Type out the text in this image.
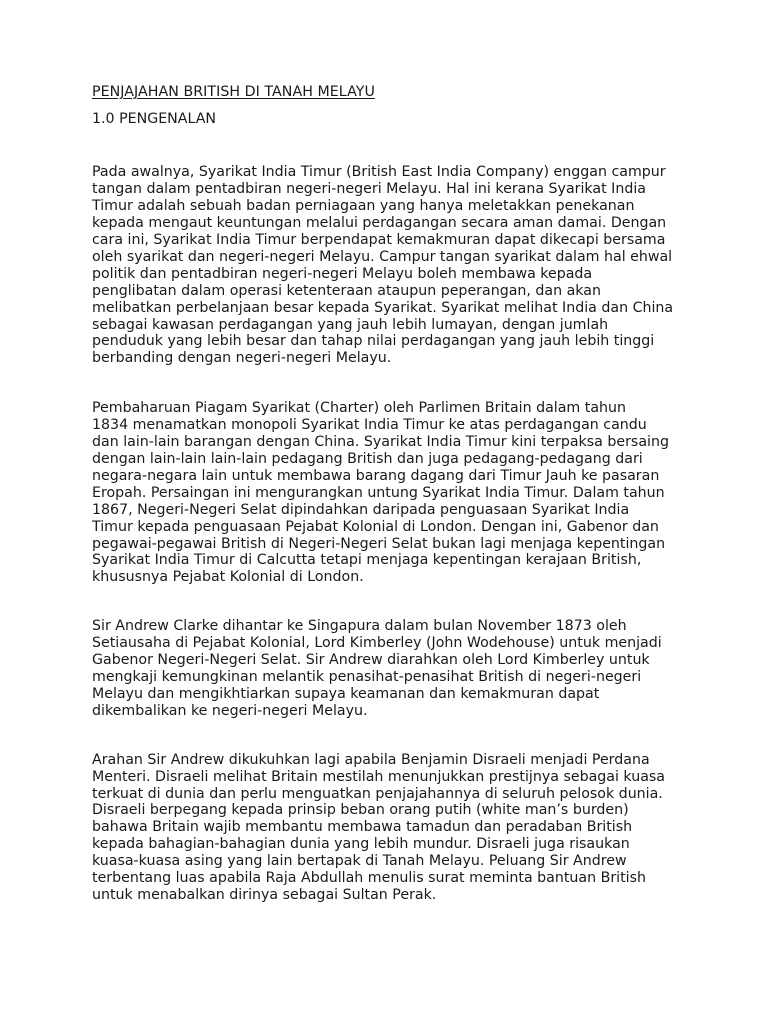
PENJAJAHAN BRITISH DI TANAH MELAYU
1.0 PENGENALAN

Pada awalnya, Syarikat India Timur (British East India Company) enggan campur
tangan dalam pentadbiran negeri-negeri Melayu. Hal ini kerana Syarikat India
Timur adalah sebuah badan perniagaan yang hanya meletakkan penekanan
kepada mengaut keuntungan melalui perdagangan secara aman damai. Dengan
cara ini, Syarikat India Timur berpendapat kemakmuran dapat dikecapi bersama
oleh syarikat dan negeri-negeri Melayu. Campur tangan syarikat dalam hal ehwal
politik dan pentadbiran negeri-negeri Melayu boleh membawa kepada
penglibatan dalam operasi ketenteraan ataupun peperangan, dan akan
melibatkan perbelanjaan besar kepada Syarikat. Syarikat melihat India dan China
sebagai kawasan perdagangan yang jauh lebih lumayan, dengan jumlah
penduduk yang lebih besar dan tahap nilai perdagangan yang jauh lebih tinggi
berbanding dengan negeri-negeri Melayu.

Pembaharuan Piagam Syarikat (Charter) oleh Parlimen Britain dalam tahun
1834 menamatkan monopoli Syarikat India Timur ke atas perdagangan candu
dan lain-lain barangan dengan China. Syarikat India Timur kini terpaksa bersaing
dengan lain-lain lain-lain pedagang British dan juga pedagang-pedagang dari
negara-negara lain untuk membawa barang dagang dari Timur Jauh ke pasaran
Eropah. Persaingan ini mengurangkan untung Syarikat India Timur. Dalam tahun
1867, Negeri-Negeri Selat dipindahkan daripada penguasaan Syarikat India
Timur kepada penguasaan Pejabat Kolonial di London. Dengan ini, Gabenor dan
pegawai-pegawai British di Negeri-Negeri Selat bukan lagi menjaga kepentingan
Syarikat India Timur di Calcutta tetapi menjaga kepentingan kerajaan British,
khususnya Pejabat Kolonial di London.

Sir Andrew Clarke dihantar ke Singapura dalam bulan November 1873 oleh
Setiausaha di Pejabat Kolonial, Lord Kimberley (John Wodehouse) untuk menjadi
Gabenor Negeri-Negeri Selat. Sir Andrew diarahkan oleh Lord Kimberley untuk
mengkaji kemungkinan melantik penasihat-penasihat British di negeri-negeri
Melayu dan mengikhtiarkan supaya keamanan dan kemakmuran dapat
dikembalikan ke negeri-negeri Melayu.

Arahan Sir Andrew dikukuhkan lagi apabila Benjamin Disraeli menjadi Perdana
Menteri. Disraeli melihat Britain mestilah menunjukkan prestijnya sebagai kuasa
terkuat di dunia dan perlu menguatkan penjajahannya di seluruh pelosok dunia.
Disraeli berpegang kepada prinsip beban orang putih (white man’s burden)
bahawa Britain wajib membantu membawa tamadun dan peradaban British
kepada bahagian-bahagian dunia yang lebih mundur. Disraeli juga risaukan
kuasa-kuasa asing yang lain bertapak di Tanah Melayu. Peluang Sir Andrew
terbentang luas apabila Raja Abdullah menulis surat meminta bantuan British
untuk menabalkan dirinya sebagai Sultan Perak.
